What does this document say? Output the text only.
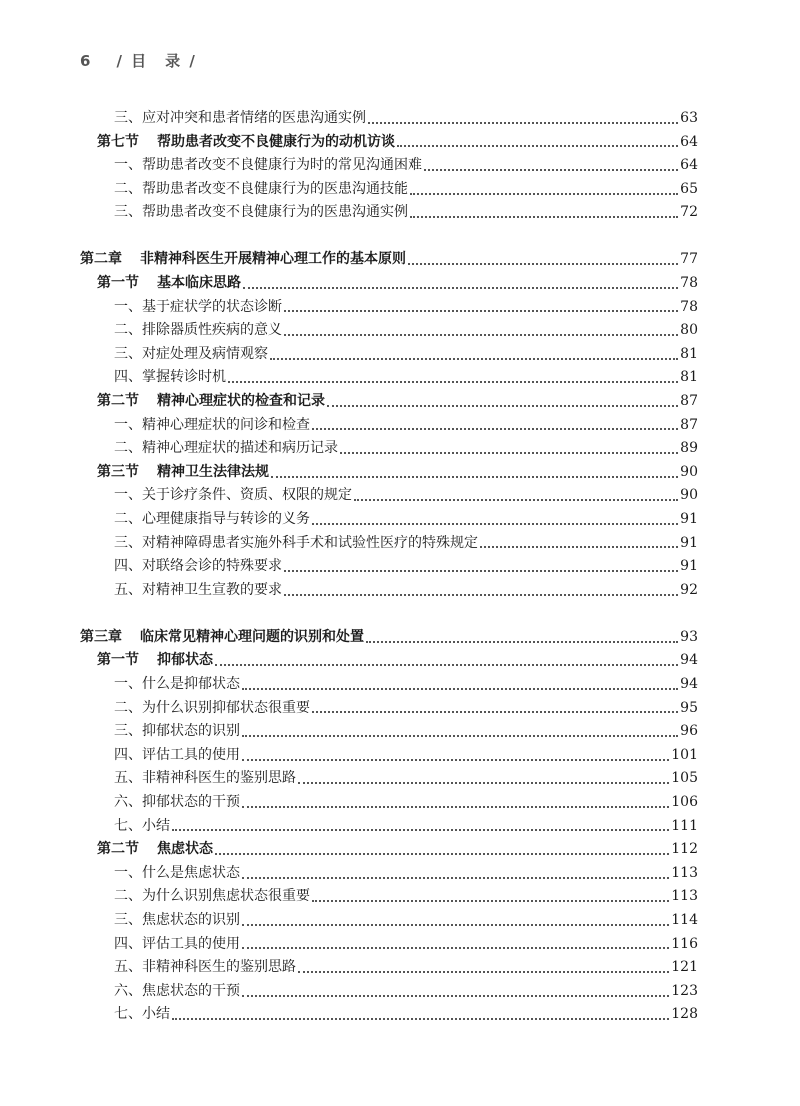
6 / 目　录 /
三、应对冲突和患者情绪的医患沟通实例	63
第七节 帮助患者改变不良健康行为的动机访谈	64
一、帮助患者改变不良健康行为时的常见沟通困难	64
二、帮助患者改变不良健康行为的医患沟通技能	65
三、帮助患者改变不良健康行为的医患沟通实例	72
第二章 非精神科医生开展精神心理工作的基本原则	77
第一节 基本临床思路	78
一、基于症状学的状态诊断	78
二、排除器质性疾病的意义	80
三、对症处理及病情观察	81
四、掌握转诊时机	81
第二节 精神心理症状的检查和记录	87
一、精神心理症状的问诊和检查	87
二、精神心理症状的描述和病历记录	89
第三节 精神卫生法律法规	90
一、关于诊疗条件、资质、权限的规定	90
二、心理健康指导与转诊的义务	91
三、对精神障碍患者实施外科手术和试验性医疗的特殊规定	91
四、对联络会诊的特殊要求	91
五、对精神卫生宣教的要求	92
第三章 临床常见精神心理问题的识别和处置	93
第一节 抑郁状态	94
一、什么是抑郁状态	94
二、为什么识别抑郁状态很重要	95
三、抑郁状态的识别	96
四、评估工具的使用	101
五、非精神科医生的鉴别思路	105
六、抑郁状态的干预	106
七、小结	111
第二节 焦虑状态	112
一、什么是焦虑状态	113
二、为什么识别焦虑状态很重要	113
三、焦虑状态的识别	114
四、评估工具的使用	116
五、非精神科医生的鉴别思路	121
六、焦虑状态的干预	123
七、小结	128
